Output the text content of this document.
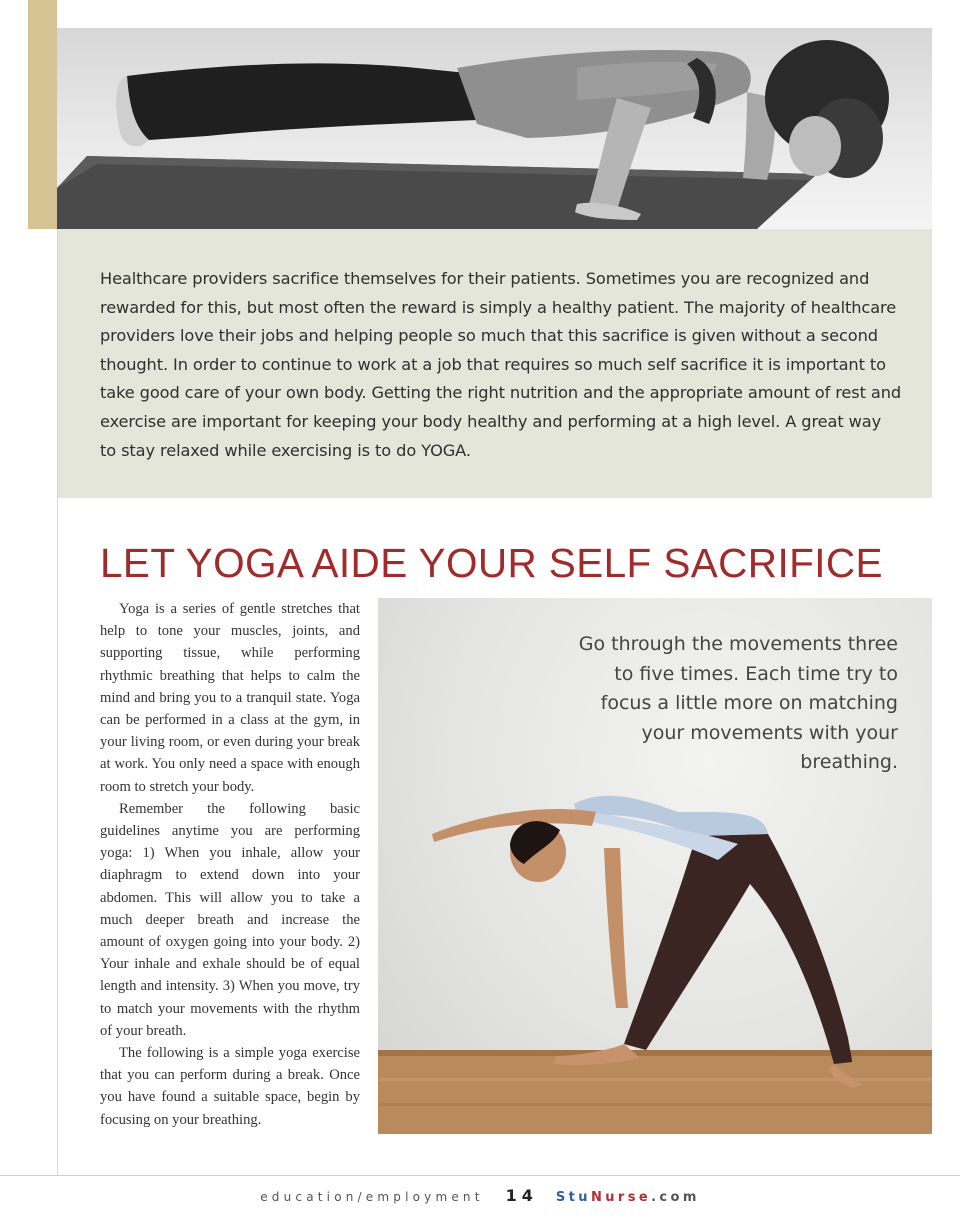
Healthcare providers sacrifice themselves for their patients. Sometimes you are recognized and rewarded for this, but most often the reward is simply a healthy patient. The majority of healthcare providers love their jobs and helping people so much that this sacrifice is given without a second thought. In order to continue to work at a job that requires so much self sacrifice it is important to take good care of your own body. Getting the right nutrition and the appropriate amount of rest and exercise are important for keeping your body healthy and performing at a high level. A great way to stay relaxed while exercising is to do YOGA.

LET YOGA AIDE YOUR SELF SACRIFICE

Yoga is a series of gentle stretches that help to tone your muscles, joints, and supporting tissue, while performing rhythmic breathing that helps to calm the mind and bring you to a tranquil state. Yoga can be performed in a class at the gym, in your living room, or even during your break at work. You only need a space with enough room to stretch your body.

Remember the following basic guidelines anytime you are performing yoga: 1) When you inhale, allow your diaphragm to extend down into your abdomen. This will allow you to take a much deeper breath and increase the amount of oxygen going into your body. 2) Your inhale and exhale should be of equal length and intensity. 3) When you move, try to match your movements with the rhythm of your breath.

The following is a simple yoga exercise that you can perform during a break. Once you have found a suitable space, begin by focusing on your breathing.

Go through the movements three to five times. Each time try to focus a little more on matching your movements with your breathing.

education/employment 14 StuNurse.com
